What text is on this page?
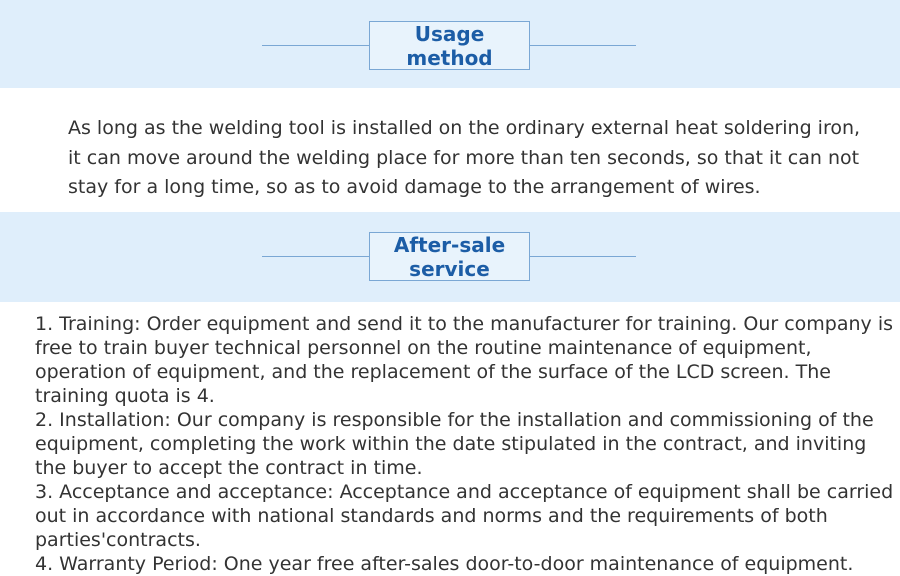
Usage method

As long as the welding tool is installed on the ordinary external heat soldering iron, it can move around the welding place for more than ten seconds, so that it can not stay for a long time, so as to avoid damage to the arrangement of wires.

After-sale service

1. Training: Order equipment and send it to the manufacturer for training. Our company is free to train buyer technical personnel on the routine maintenance of equipment, operation of equipment, and the replacement of the surface of the LCD screen. The training quota is 4.

2. Installation: Our company is responsible for the installation and commissioning of the equipment, completing the work within the date stipulated in the contract, and inviting the buyer to accept the contract in time.

3. Acceptance and acceptance: Acceptance and acceptance of equipment shall be carried out in accordance with national standards and norms and the requirements of both parties'contracts.

4. Warranty Period: One year free after-sales door-to-door maintenance of equipment.
